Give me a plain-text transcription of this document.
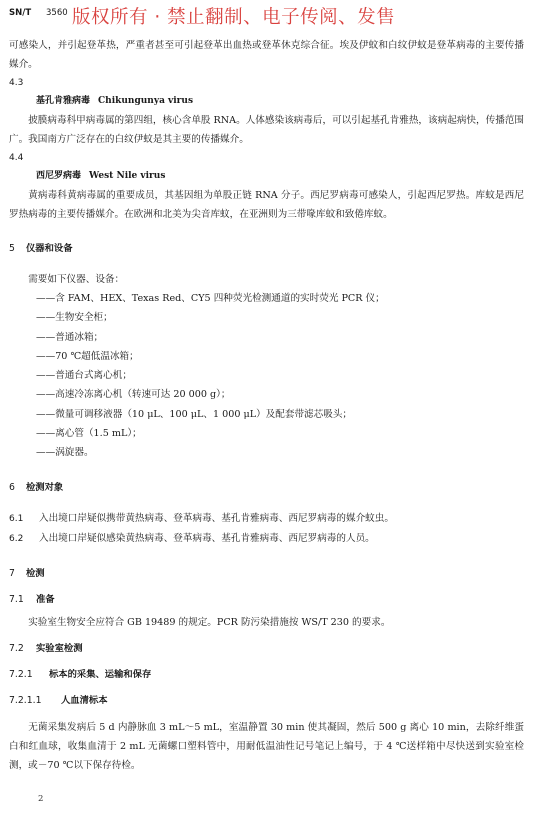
SN/T 3560 版权所有 · 禁止翻制、电子传阅、发售

可感染人，并引起登革热，严重者甚至可引起登革出血热或登革休克综合征。埃及伊蚊和白纹伊蚊是登革病毒的主要传播媒介。

4.3

基孔肯雅病毒 Chikungunya virus

披膜病毒科甲病毒属的第四组，核心含单股 RNA。人体感染该病毒后，可以引起基孔肯雅热，该病起病快，传播范围广。我国南方广泛存在的白纹伊蚊是其主要的传播媒介。

4.4

西尼罗病毒 West Nile virus

黄病毒科黄病毒属的重要成员，其基因组为单股正链 RNA 分子。西尼罗病毒可感染人，引起西尼罗热。库蚊是西尼罗热病毒的主要传播媒介。在欧洲和北美为尖音库蚊，在亚洲则为三带喙库蚊和致倦库蚊。

5 仪器和设备

需要如下仪器、设备：

——含 FAM、HEX、Texas Red、CY5 四种荧光检测通道的实时荧光 PCR 仪；
——生物安全柜；
——普通冰箱；
——70 ℃超低温冰箱；
——普通台式离心机；
——高速冷冻离心机（转速可达 20 000 g）；
——微量可调移液器（10 μL、100 μL、1 000 μL）及配套带滤芯吸头；
——离心管（1.5 mL）；
——涡旋器。

6 检测对象

6.1 入出境口岸疑似携带黄热病毒、登革病毒、基孔肯雅病毒、西尼罗病毒的媒介蚊虫。

6.2 入出境口岸疑似感染黄热病毒、登革病毒、基孔肯雅病毒、西尼罗病毒的人员。

7 检测

7.1 准备

实验室生物安全应符合 GB 19489 的规定。PCR 防污染措施按 WS/T 230 的要求。

7.2 实验室检测

7.2.1 标本的采集、运输和保存

7.2.1.1 人血清标本

无菌采集发病后 5 d 内静脉血 3 mL～5 mL，室温静置 30 min 使其凝固，然后 500 g 离心 10 min，去除纤维蛋白和红血球，收集血清于 2 mL 无菌螺口塑料管中，用耐低温油性记号笔记上编号，于 4 ℃送样箱中尽快送到实验室检测，或－70 ℃以下保存待检。

2
